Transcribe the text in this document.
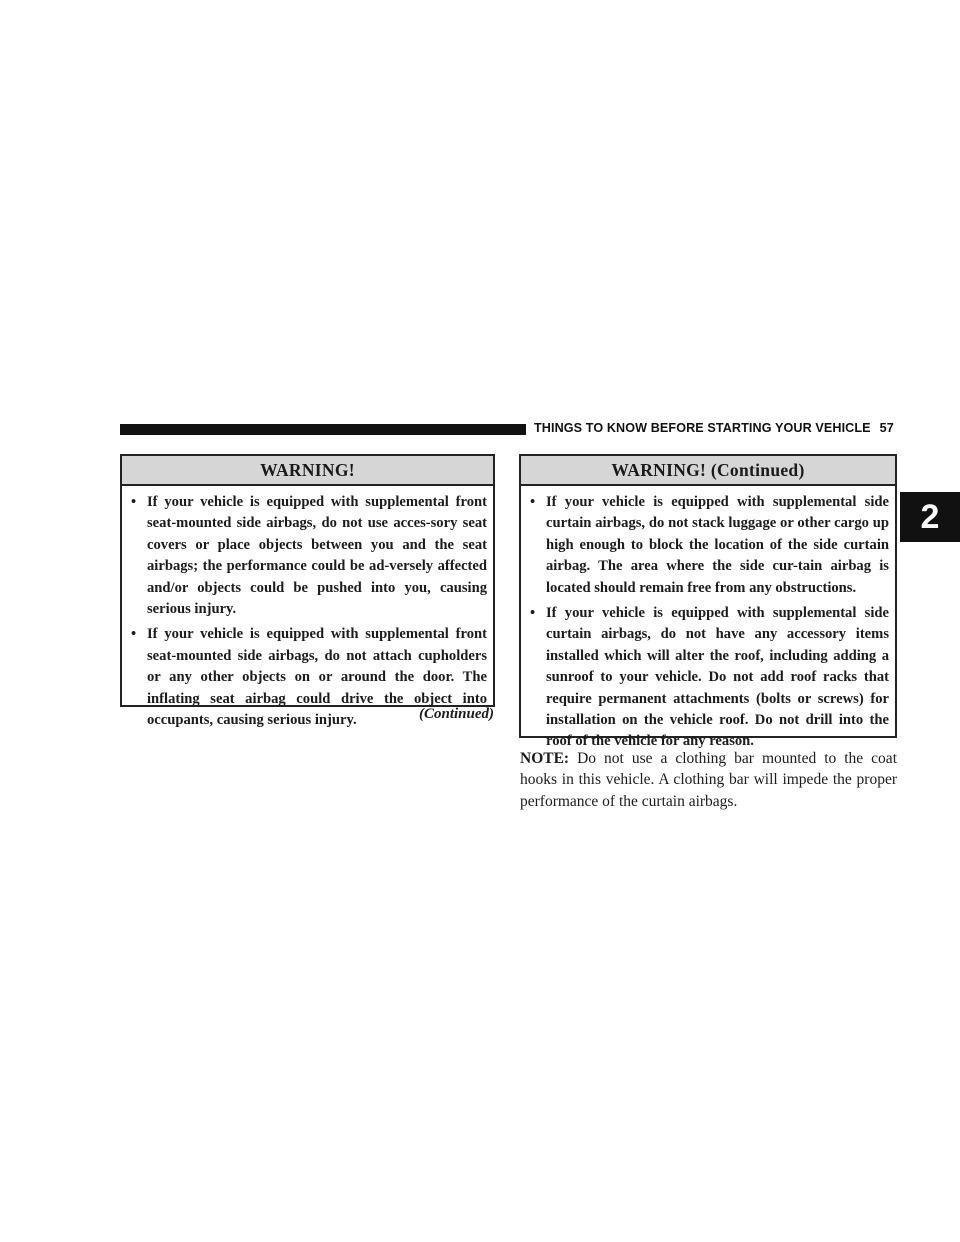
THINGS TO KNOW BEFORE STARTING YOUR VEHICLE 57
2
WARNING!
• If your vehicle is equipped with supplemental front seat-mounted side airbags, do not use acces-sory seat covers or place objects between you and the seat airbags; the performance could be ad-versely affected and/or objects could be pushed into you, causing serious injury.
• If your vehicle is equipped with supplemental front seat-mounted side airbags, do not attach cupholders or any other objects on or around the door. The inflating seat airbag could drive the object into occupants, causing serious injury.	(Continued)
WARNING! (Continued)
• If your vehicle is equipped with supplemental side curtain airbags, do not stack luggage or other cargo up high enough to block the location of the side curtain airbag. The area where the side cur-tain airbag is located should remain free from any obstructions.
• If your vehicle is equipped with supplemental side curtain airbags, do not have any accessory items installed which will alter the roof, including adding a sunroof to your vehicle. Do not add roof racks that require permanent attachments (bolts or screws) for installation on the vehicle roof. Do not drill into the roof of the vehicle for any reason.
NOTE: Do not use a clothing bar mounted to the coat hooks in this vehicle. A clothing bar will impede the proper performance of the curtain airbags.
